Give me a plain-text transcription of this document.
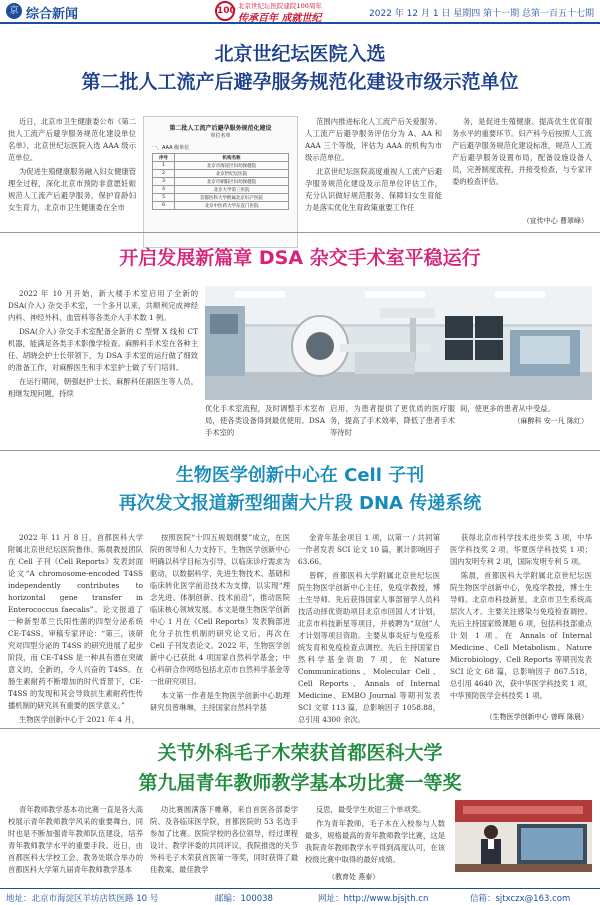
京 综合新闻	100 北京世纪坛医院建院100周年
传承百年 成就世纪	2022 年 12 月 1 日 星期四 第十一期 总第一百五十七期
北京世纪坛医院入选
第二批人工流产后避孕服务规范化建设市级示范单位

近日，北京市卫生健康委公布《第二批人工流产后避孕服务规范化建设单位名单》，北京世纪坛医院入选 AAA 级示范单位。

为促进生殖健康服务融入妇女健康管理全过程，深化北京市预防非意愿妊娠规范人工流产后避孕服务，保护育龄妇女生育力，北京市卫生健康委在全市

第二批人工流产后避孕服务规范化建设
单位名单
一、AAA 级单位
序号	机构名称
1	北京市海淀区妇幼保健院
2	北京世纪坛医院
3	北京市朝阳区妇幼保健院
4	北京大学第三医院
5	首都医科大学附属北京妇产医院
6	北京中医药大学东直门医院

范围内推进标化人工流产后关爱服务。人工流产后避孕服务评估分为 A、AA 和 AAA 三个等级，评估为 AAA 的机构为市级示范单位。

北京世纪坛医院高度重视人工流产后避孕服务规范化建设及示范单位评估工作，充分认识做好规范服务、保障妇女生育能力是落实优化生育政策重要工作任

务，是促进生殖健康、提高优生优育服务水平的重要环节。妇产科今后按照人工流产后避孕服务规范化建设标准，规范人工流产后避孕服务设置布局，配备设施设备人员，完善制度流程，并接受检查，与专家评委的检查评估。

（宣传中心 曹翠峰）
开启发展新篇章 DSA 杂交手术室平稳运行

2022 年 10 月开始，新大楼手术室启用了全新的 DSA(介入) 杂交手术室，一个多月以来，共顺利完成神经内科、神经外科、血管科等各类介入手术数 1 例。

DSA(介入) 杂交手术室配备全新的 C 型臂 X 线和 CT 机器，能满足各类手术影像学检查。麻醉科手术室在各种主任、胡晓会护士长带领下，为 DSA 手术室的运行做了细致的准备工作，对麻醉医生和手术室护士做了专门培训。

在运行期间，朝强赵护士长、麻醉科任副医生等人员，相继发现问题，持续

优化手术室流程，及时调整手术室布局，使各类设备得到最优使用。DSA 手术室的
启用，为患者提供了更优质的医疗服务，提高了手术效率，降低了患者手术等待时
间，使更多的患者从中受益。
（麻醉科 安一凡 陈红）
生物医学创新中心在 Cell 子刊
再次发文报道新型细菌大片段 DNA 传递系统

2022 年 11 月 8 日，首都医科大学附属北京世纪坛医院鲁伟、陈晨教授团队在 Cell 子刊《Cell Reports》发表封面论文“A chromosome-encoded T4SS independently contributes to horizontal gene transfer in Enterococcus faecalis”。论文报道了一种新型革兰氏阳性菌的四型分泌系统 CE-T4SS，审稿专家评论：“第三，该研究对四型分泌的 T4SS 的研究进展了起步阶段，而 CE-T4SS 是一种具有潜在突破意义的，全新的，令人兴奋的 T4SS。在肠生素耐药不断增加的时代背景下，CE-T4SS 的发现和其会导致抗生素耐药性传播机制的研究具有重要的医学意义。”

生物医学创新中心于 2021 年 4 月，

按照医院“十四五规划纲要”成立，在医院的领导和人力支持下，生物医学创新中心明确以科学目标为引导，以临床诊疗需求为驱动，以数据科学、先进生物技术、基础和临床转化医学前沿技术为支撑，以实现“理念先进、体制创新、技术前沿”，推动医院临床核心领域发展。本文是继生物医学创新中心 1 月在《Cell Reports》发表胸部进化分子抗性机制的研究论文后，再次在 Cell 子刊发表论文。2022 年，生物医学创新中心已获批 4 项国家自然科学基金；中心科研合作网络包括北京市自然科学基金等一批研究项目。

本文第一作者是生物医学创新中心助理研究员曾琳琳，主持国家自然科学基

金青年基金项目 1 项，以第一 / 共同第一作者发表 SCI 论文 10 篇，累计影响因子 63.66。

曾晖，首都医科大学附属北京世纪坛医院生物医学创新中心主任，免疫学教授，博士生导师。先后获得国家人事部留学人员科技活动择优资助项目北京市回国人才计划，北京市科技新星等项目，并被聘为“双创”人才计划等项目资助。主要从事炎症与免疫系统发育和免疫检查点调控。先后主持国家自然科学基金资助 7 项，在 Nature Communications、Molecular Cell、Cell Reports、Annals of Internal Medicine、EMBO Journal 等期刊发表 SCI 文章 113 篇，总影响因子 1058.88，总引用 4300 余次。

获得北京市科学技术进步奖 3 项，中华医学科技奖 2 项，华夏医学科技奖 1 项；国内发明专利 2 项，国际发明专利 5 项。

陈晨，首都医科大学附属北京世纪坛医院生物医学创新中心，免疫学教授，博士生导师。北京市科技新星，北京市卫生系统高层次人才。主要关注感染与免疫检查调控。先后主持国家级课题 6 项，包括科技部重点计划 1 项。在 Annals of Internal Medicine、Cell Metabolism、Nature Microbiology、Cell Reports 等期刊发表 SCI 论文 68 篇，总影响因子 867.518，总引用 4640 次，获中华医学科技奖 1 项，中华预防医学会科技奖 1 项。

（生物医学创新中心 曾晖 陈晨）
关节外科毛子木荣获首都医科大学
第九届青年教师教学基本功比赛一等奖

青年教师教学基本功比赛一直是各大高校展示青年教师教学风采的重要舞台，同时也是不断加强青年教师队伍建设，培养青年教师教学水平的重要手段。近日，由首都医科大学校工会、教务处联合举办的首都医科大学第九届青年教师教学基本

功比赛圆满落下帷幕，来自首医各部委学院、及各临床医学院，首都医院的 53 名选手参加了比赛。医院学校的各位领导，经过课程设计、教学评委的共同评议，我院推选的关节外科毛子木荣获首医第一等奖，同时获得了最佳教案、最佳教学

反思，最受学生欢迎三个单项奖。

作为青年教师，毛子木在入校参与人数最多，规格最高的青年教师教学比赛，这是我院青年教师教学水平得到高度认可，在该校级比赛中取得的最好成绩。

（教育处 燕泰）
地址：北京市海淀区羊坊店铁医路 10 号	邮编：100038	网址：http://www.bjsjth.cn	信箱：sjtxczx@163.com
